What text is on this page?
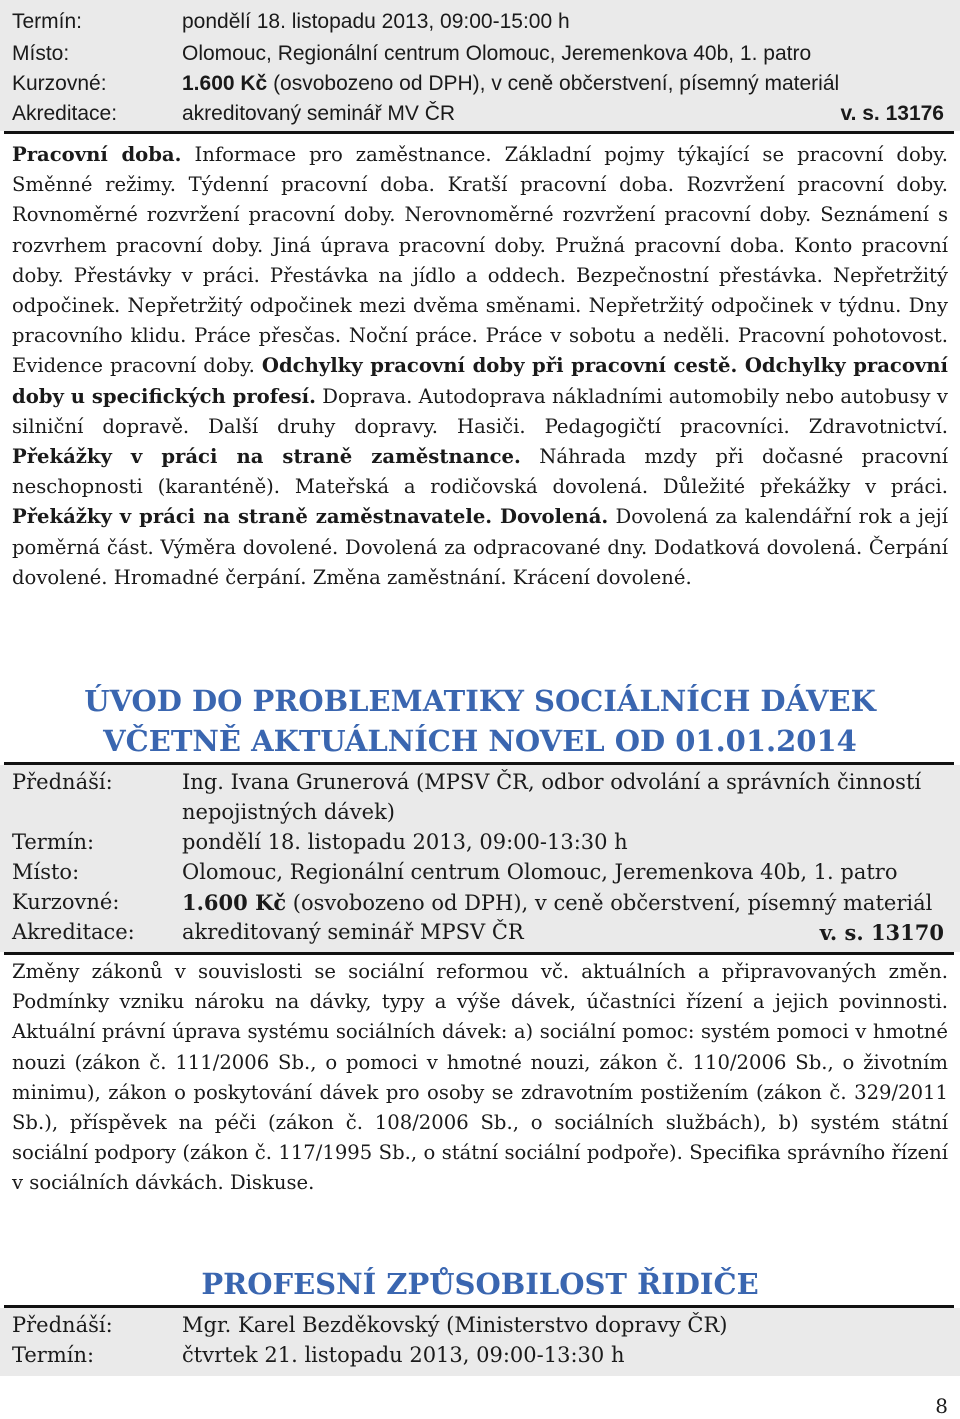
Termín:	pondělí 18. listopadu 2013, 09:00-15:00 h
Místo:	Olomouc, Regionální centrum Olomouc, Jeremenkova 40b, 1. patro
Kurzovné:	1.600 Kč (osvobozeno od DPH), v ceně občerstvení, písemný materiál
Akreditace:	akreditovaný seminář MV ČR	v. s. 13176

Pracovní doba. Informace pro zaměstnance. Základní pojmy týkající se pracovní doby. Směnné režimy. Týdenní pracovní doba. Kratší pracovní doba. Rozvržení pracovní doby. Rovnoměrné rozvržení pracovní doby. Nerovnoměrné rozvržení pracovní doby. Seznámení s rozvrhem pracovní doby. Jiná úprava pracovní doby. Pružná pracovní doba. Konto pracovní doby. Přestávky v práci. Přestávka na jídlo a oddech. Bezpečnostní přestávka. Nepřetržitý odpočinek. Nepřetržitý odpočinek mezi dvěma směnami. Nepřetržitý odpočinek v týdnu. Dny pracovního klidu. Práce přesčas. Noční práce. Práce v sobotu a neděli. Pracovní pohotovost. Evidence pracovní doby. Odchylky pracovní doby při pracovní cestě. Odchylky pracovní doby u specifických profesí. Doprava. Autodoprava nákladními automobily nebo autobusy v silniční dopravě. Další druhy dopravy. Hasiči. Pedagogičtí pracovníci. Zdravotnictví. Překážky v práci na straně zaměstnance. Náhrada mzdy při dočasné pracovní neschopnosti (karanténě). Mateřská a rodičovská dovolená. Důležité překážky v práci. Překážky v práci na straně zaměstnavatele. Dovolená. Dovolená za kalendářní rok a její poměrná část. Výměra dovolené. Dovolená za odpracované dny. Dodatková dovolená. Čerpání dovolené. Hromadné čerpání. Změna zaměstnání. Krácení dovolené.

ÚVOD DO PROBLEMATIKY SOCIÁLNÍCH DÁVEK
VČETNĚ AKTUÁLNÍCH NOVEL OD 01.01.2014
Přednáší:	Ing. Ivana Grunerová (MPSV ČR, odbor odvolání a správních činností
nepojistných dávek)
Termín:	pondělí 18. listopadu 2013, 09:00-13:30 h
Místo:	Olomouc, Regionální centrum Olomouc, Jeremenkova 40b, 1. patro
Kurzovné:	1.600 Kč (osvobozeno od DPH), v ceně občerstvení, písemný materiál
Akreditace: akreditovaný seminář MPSV ČR	v. s. 13170

Změny zákonů v souvislosti se sociální reformou vč. aktuálních a připravovaných změn. Podmínky vzniku nároku na dávky, typy a výše dávek, účastníci řízení a jejich povinnosti. Aktuální právní úprava systému sociálních dávek: a) sociální pomoc: systém pomoci v hmotné nouzi (zákon č. 111/2006 Sb., o pomoci v hmotné nouzi, zákon č. 110/2006 Sb., o životním minimu), zákon o poskytování dávek pro osoby se zdravotním postižením (zákon č. 329/2011 Sb.), příspěvek na péči (zákon č. 108/2006 Sb., o sociálních službách), b) systém státní sociální podpory (zákon č. 117/1995 Sb., o státní sociální podpoře). Specifika správního řízení v sociálních dávkách. Diskuse.

PROFESNÍ ZPŮSOBILOST ŘIDIČE
Přednáší:	Mgr. Karel Bezděkovský (Ministerstvo dopravy ČR)
Termín:	čtvrtek 21. listopadu 2013, 09:00-13:30 h
8
